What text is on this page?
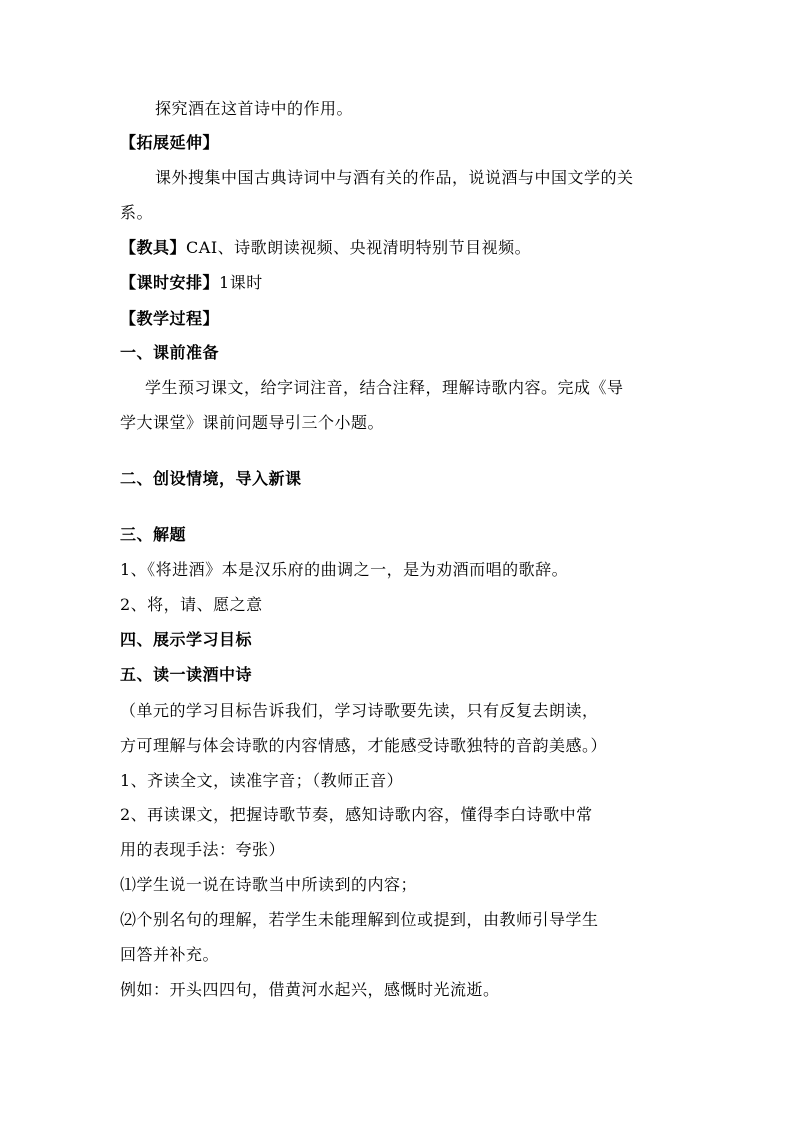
探究酒在这首诗中的作用。
【拓展延伸】
课外搜集中国古典诗词中与酒有关的作品，说说酒与中国文学的关
系。
【教具】CAI、诗歌朗读视频、央视清明特别节目视频。
【课时安排】1课时
【教学过程】
一、课前准备
学生预习课文，给字词注音，结合注释，理解诗歌内容。完成《导
学大课堂》课前问题导引三个小题。
二、创设情境，导入新课
三、解题
1、《将进酒》本是汉乐府的曲调之一，是为劝酒而唱的歌辞。
2、将，请、愿之意
四、展示学习目标
五、读一读酒中诗
（单元的学习目标告诉我们，学习诗歌要先读，只有反复去朗读，
方可理解与体会诗歌的内容情感，才能感受诗歌独特的音韵美感。）
1、齐读全文，读准字音；（教师正音）
2、再读课文，把握诗歌节奏，感知诗歌内容，懂得李白诗歌中常
用的表现手法：夸张）
⑴学生说一说在诗歌当中所读到的内容；
⑵个别名句的理解，若学生未能理解到位或提到，由教师引导学生
回答并补充。
例如：开头四四句，借黄河水起兴，感慨时光流逝。
